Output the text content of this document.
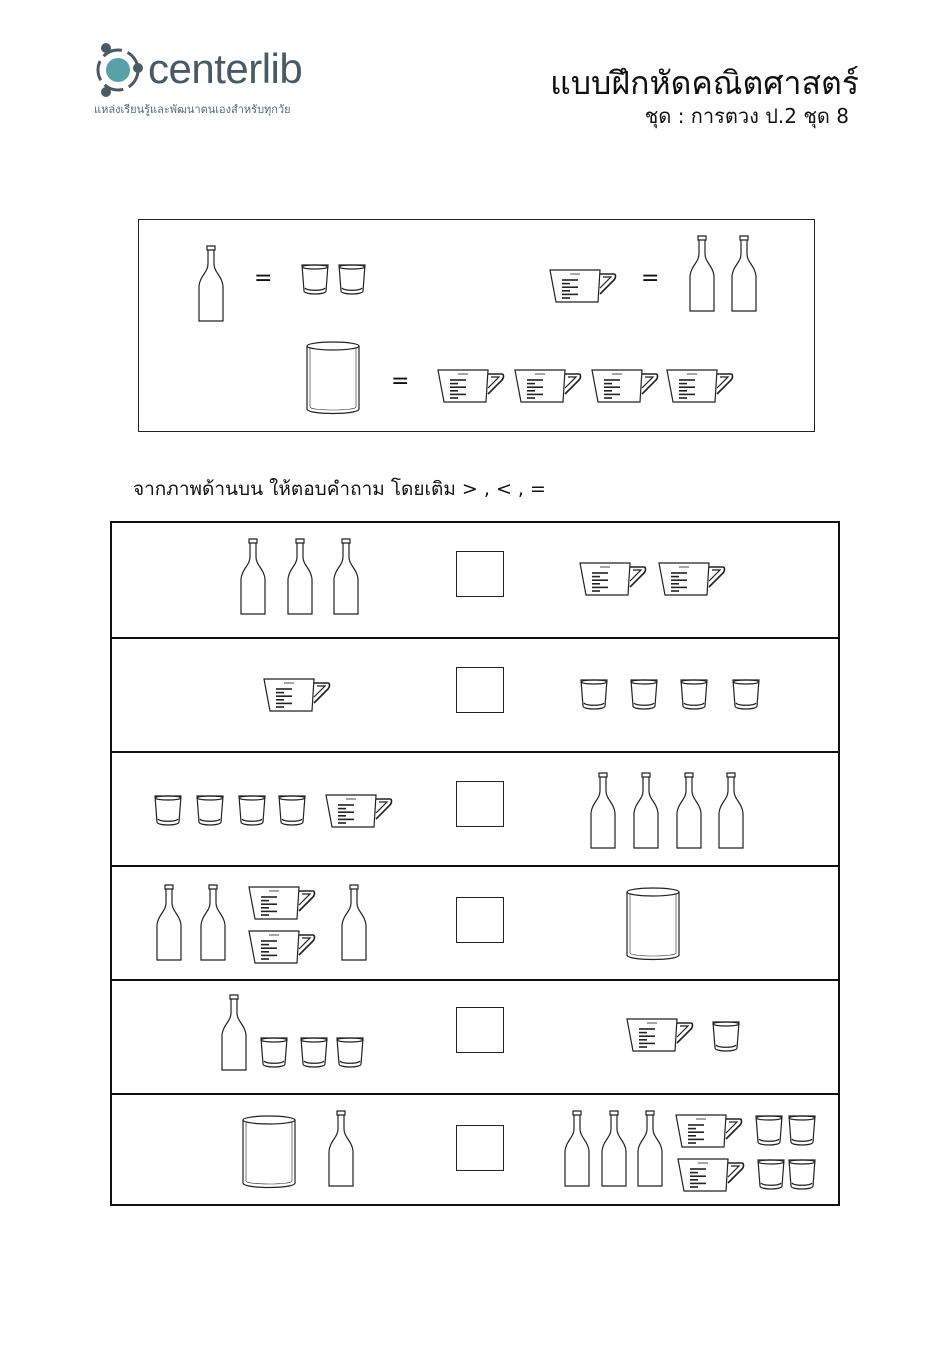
centerlib
แหล่งเรียนรู้และพัฒนาตนเองสำหรับทุกวัย
แบบฝึกหัดคณิตศาสตร์
ชุด : การตวง ป.2 ชุด 8
=	=
=
จากภาพด้านบน ให้ตอบคำถาม โดยเติม > , < , =
